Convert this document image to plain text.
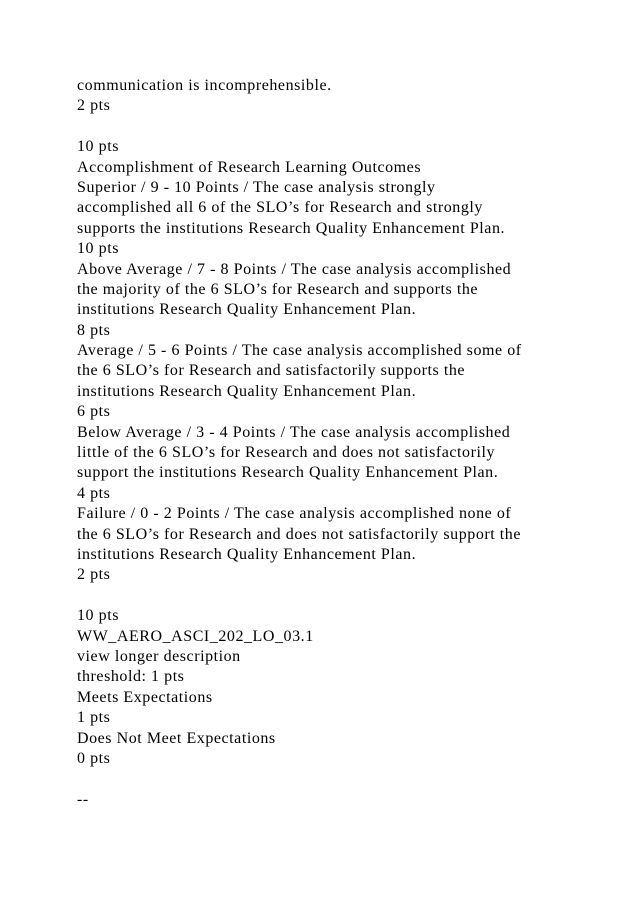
communication is incomprehensible.
2 pts
10 pts
Accomplishment of Research Learning Outcomes
Superior / 9 - 10 Points / The case analysis strongly
accomplished all 6 of the SLO’s for Research and strongly
supports the institutions Research Quality Enhancement Plan.
10 pts
Above Average / 7 - 8 Points / The case analysis accomplished
the majority of the 6 SLO’s for Research and supports the
institutions Research Quality Enhancement Plan.
8 pts
Average / 5 - 6 Points / The case analysis accomplished some of
the 6 SLO’s for Research and satisfactorily supports the
institutions Research Quality Enhancement Plan.
6 pts
Below Average / 3 - 4 Points / The case analysis accomplished
little of the 6 SLO’s for Research and does not satisfactorily
support the institutions Research Quality Enhancement Plan.
4 pts
Failure / 0 - 2 Points / The case analysis accomplished none of
the 6 SLO’s for Research and does not satisfactorily support the
institutions Research Quality Enhancement Plan.
2 pts
10 pts
WW_AERO_ASCI_202_LO_03.1
view longer description
threshold: 1 pts
Meets Expectations
1 pts
Does Not Meet Expectations
0 pts
--
